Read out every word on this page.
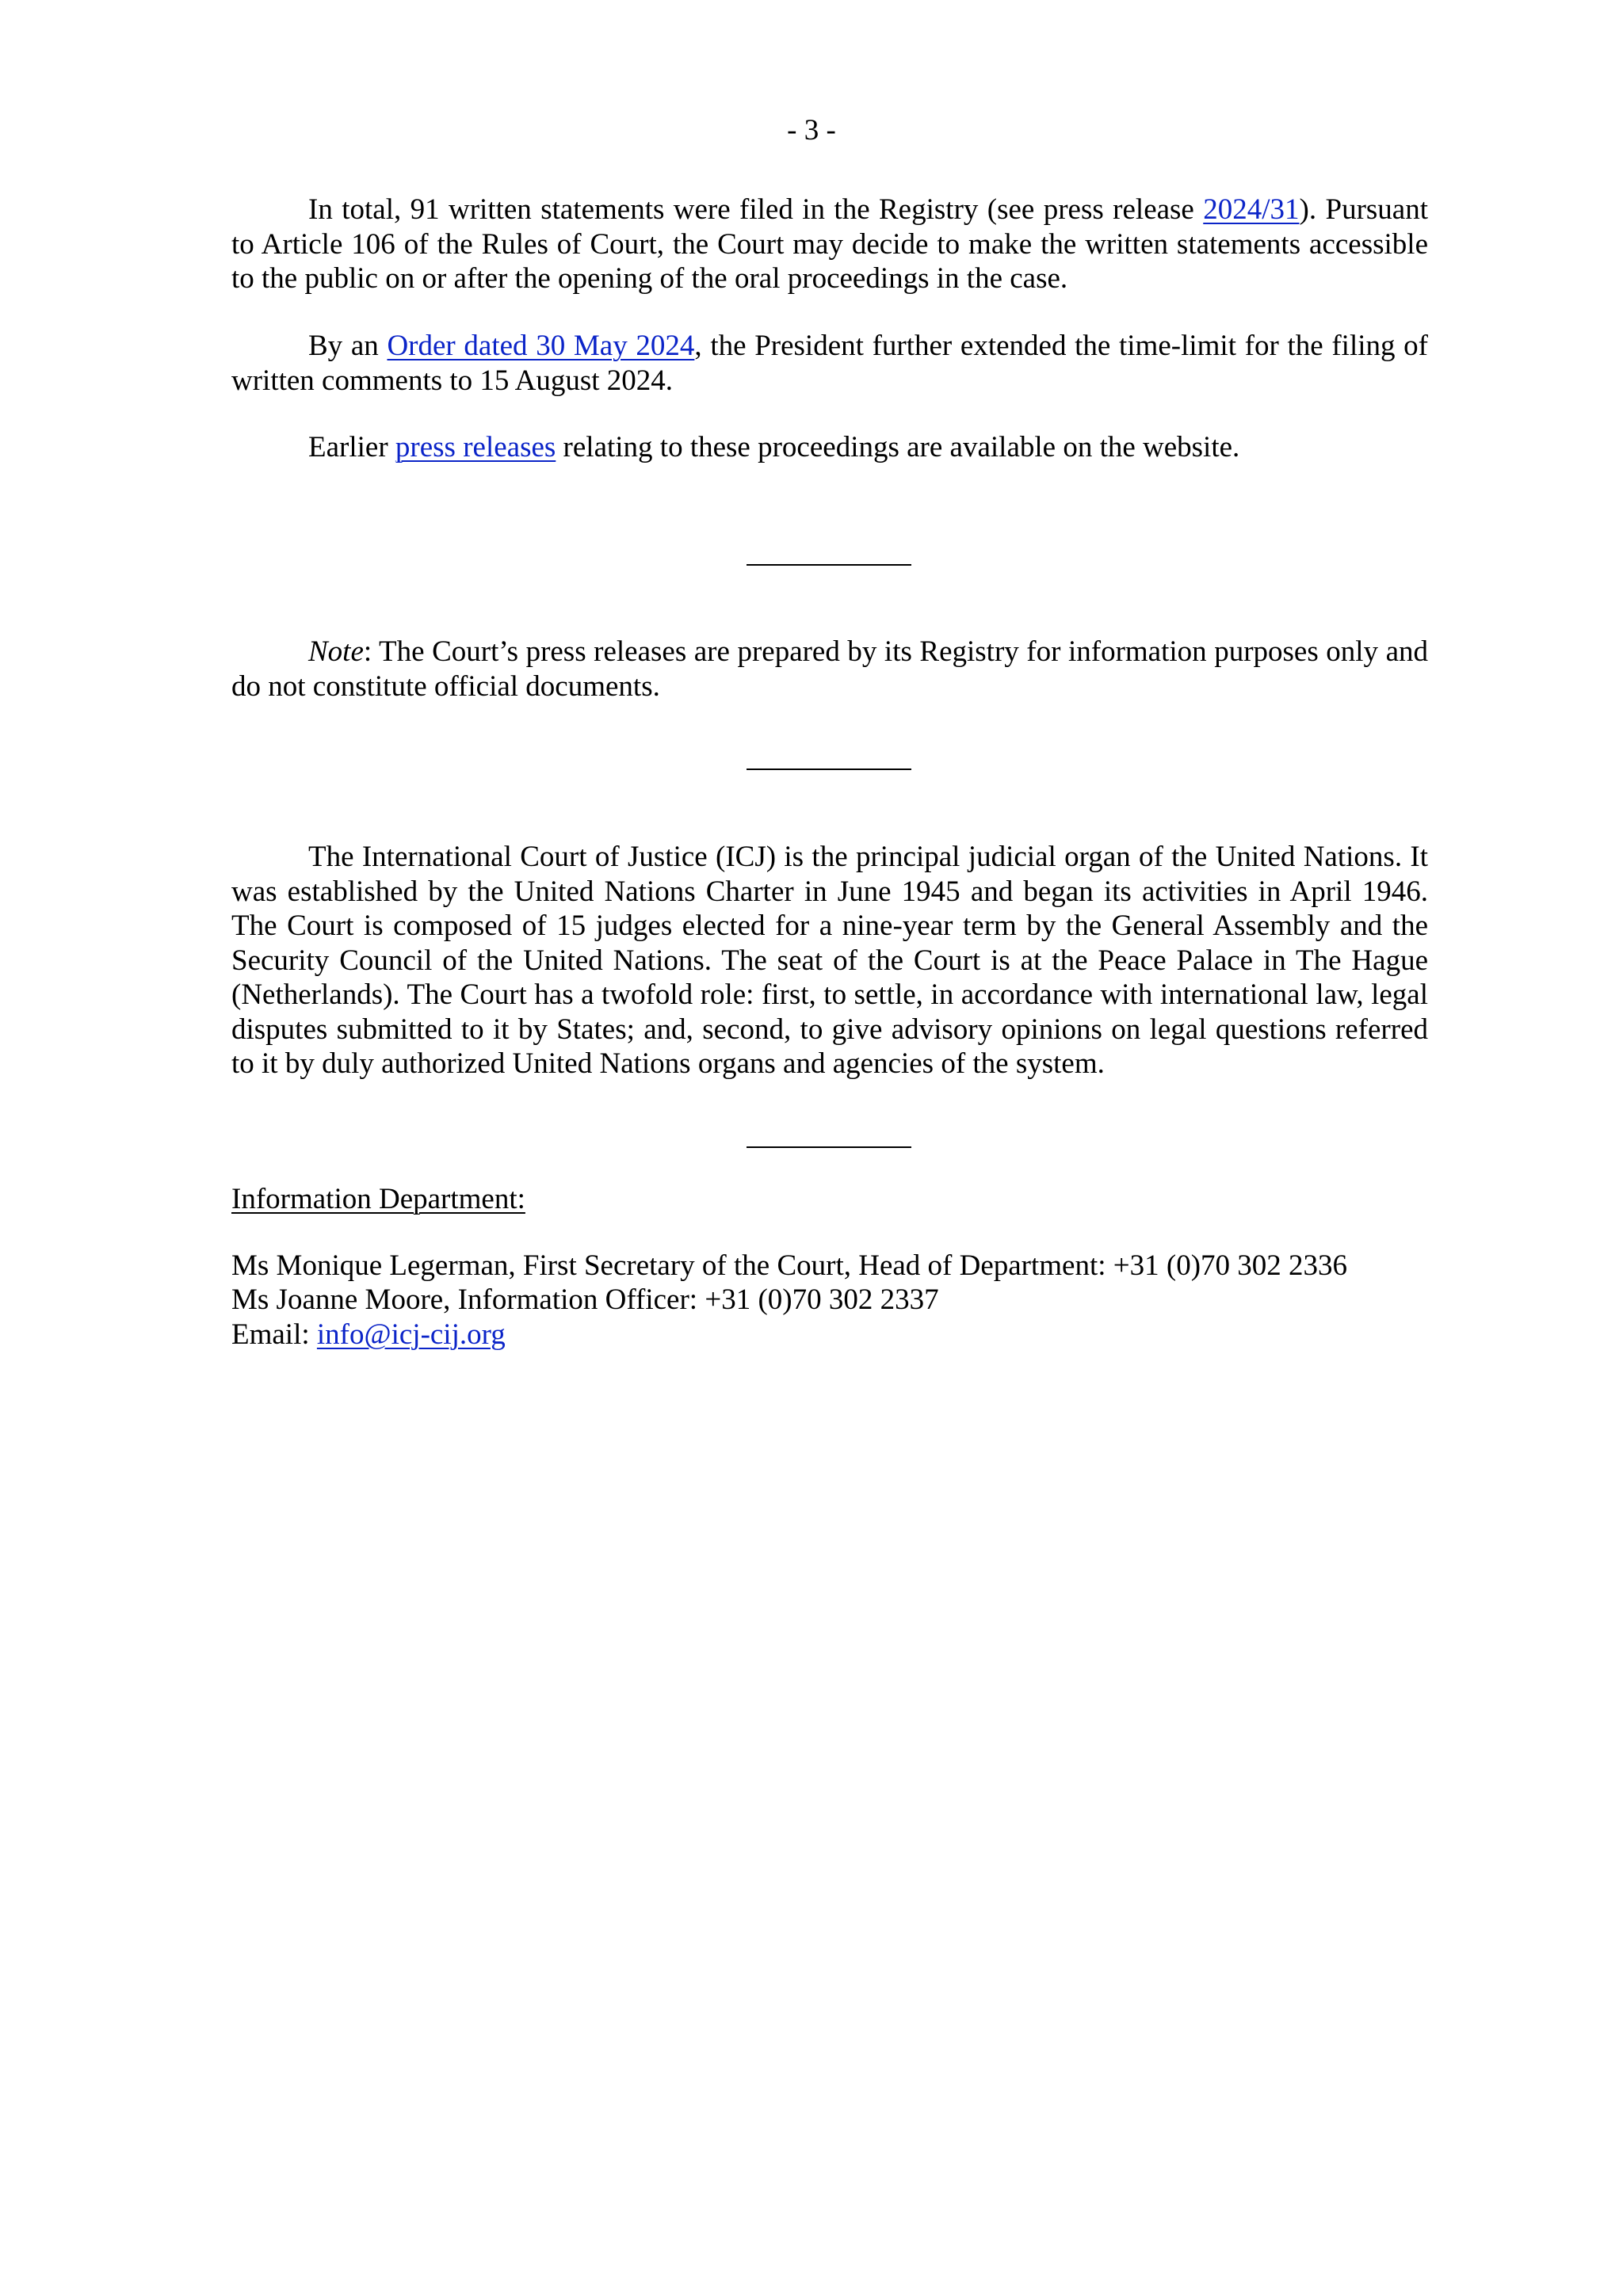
- 3 -

In total, 91 written statements were filed in the Registry (see press release 2024/31). Pursuant to Article 106 of the Rules of Court, the Court may decide to make the written statements accessible to the public on or after the opening of the oral proceedings in the case.

By an Order dated 30 May 2024, the President further extended the time-limit for the filing of written comments to 15 August 2024.

Earlier press releases relating to these proceedings are available on the website.

Note: The Court’s press releases are prepared by its Registry for information purposes only and do not constitute official documents.

The International Court of Justice (ICJ) is the principal judicial organ of the United Nations. It was established by the United Nations Charter in June 1945 and began its activities in April 1946. The Court is composed of 15 judges elected for a nine-year term by the General Assembly and the Security Council of the United Nations. The seat of the Court is at the Peace Palace in The Hague (Netherlands). The Court has a twofold role: first, to settle, in accordance with international law, legal disputes submitted to it by States; and, second, to give advisory opinions on legal questions referred to it by duly authorized United Nations organs and agencies of the system.

Information Department:

Ms Monique Legerman, First Secretary of the Court, Head of Department: +31 (0)70 302 2336

Ms Joanne Moore, Information Officer: +31 (0)70 302 2337

Email: info@icj-cij.org
